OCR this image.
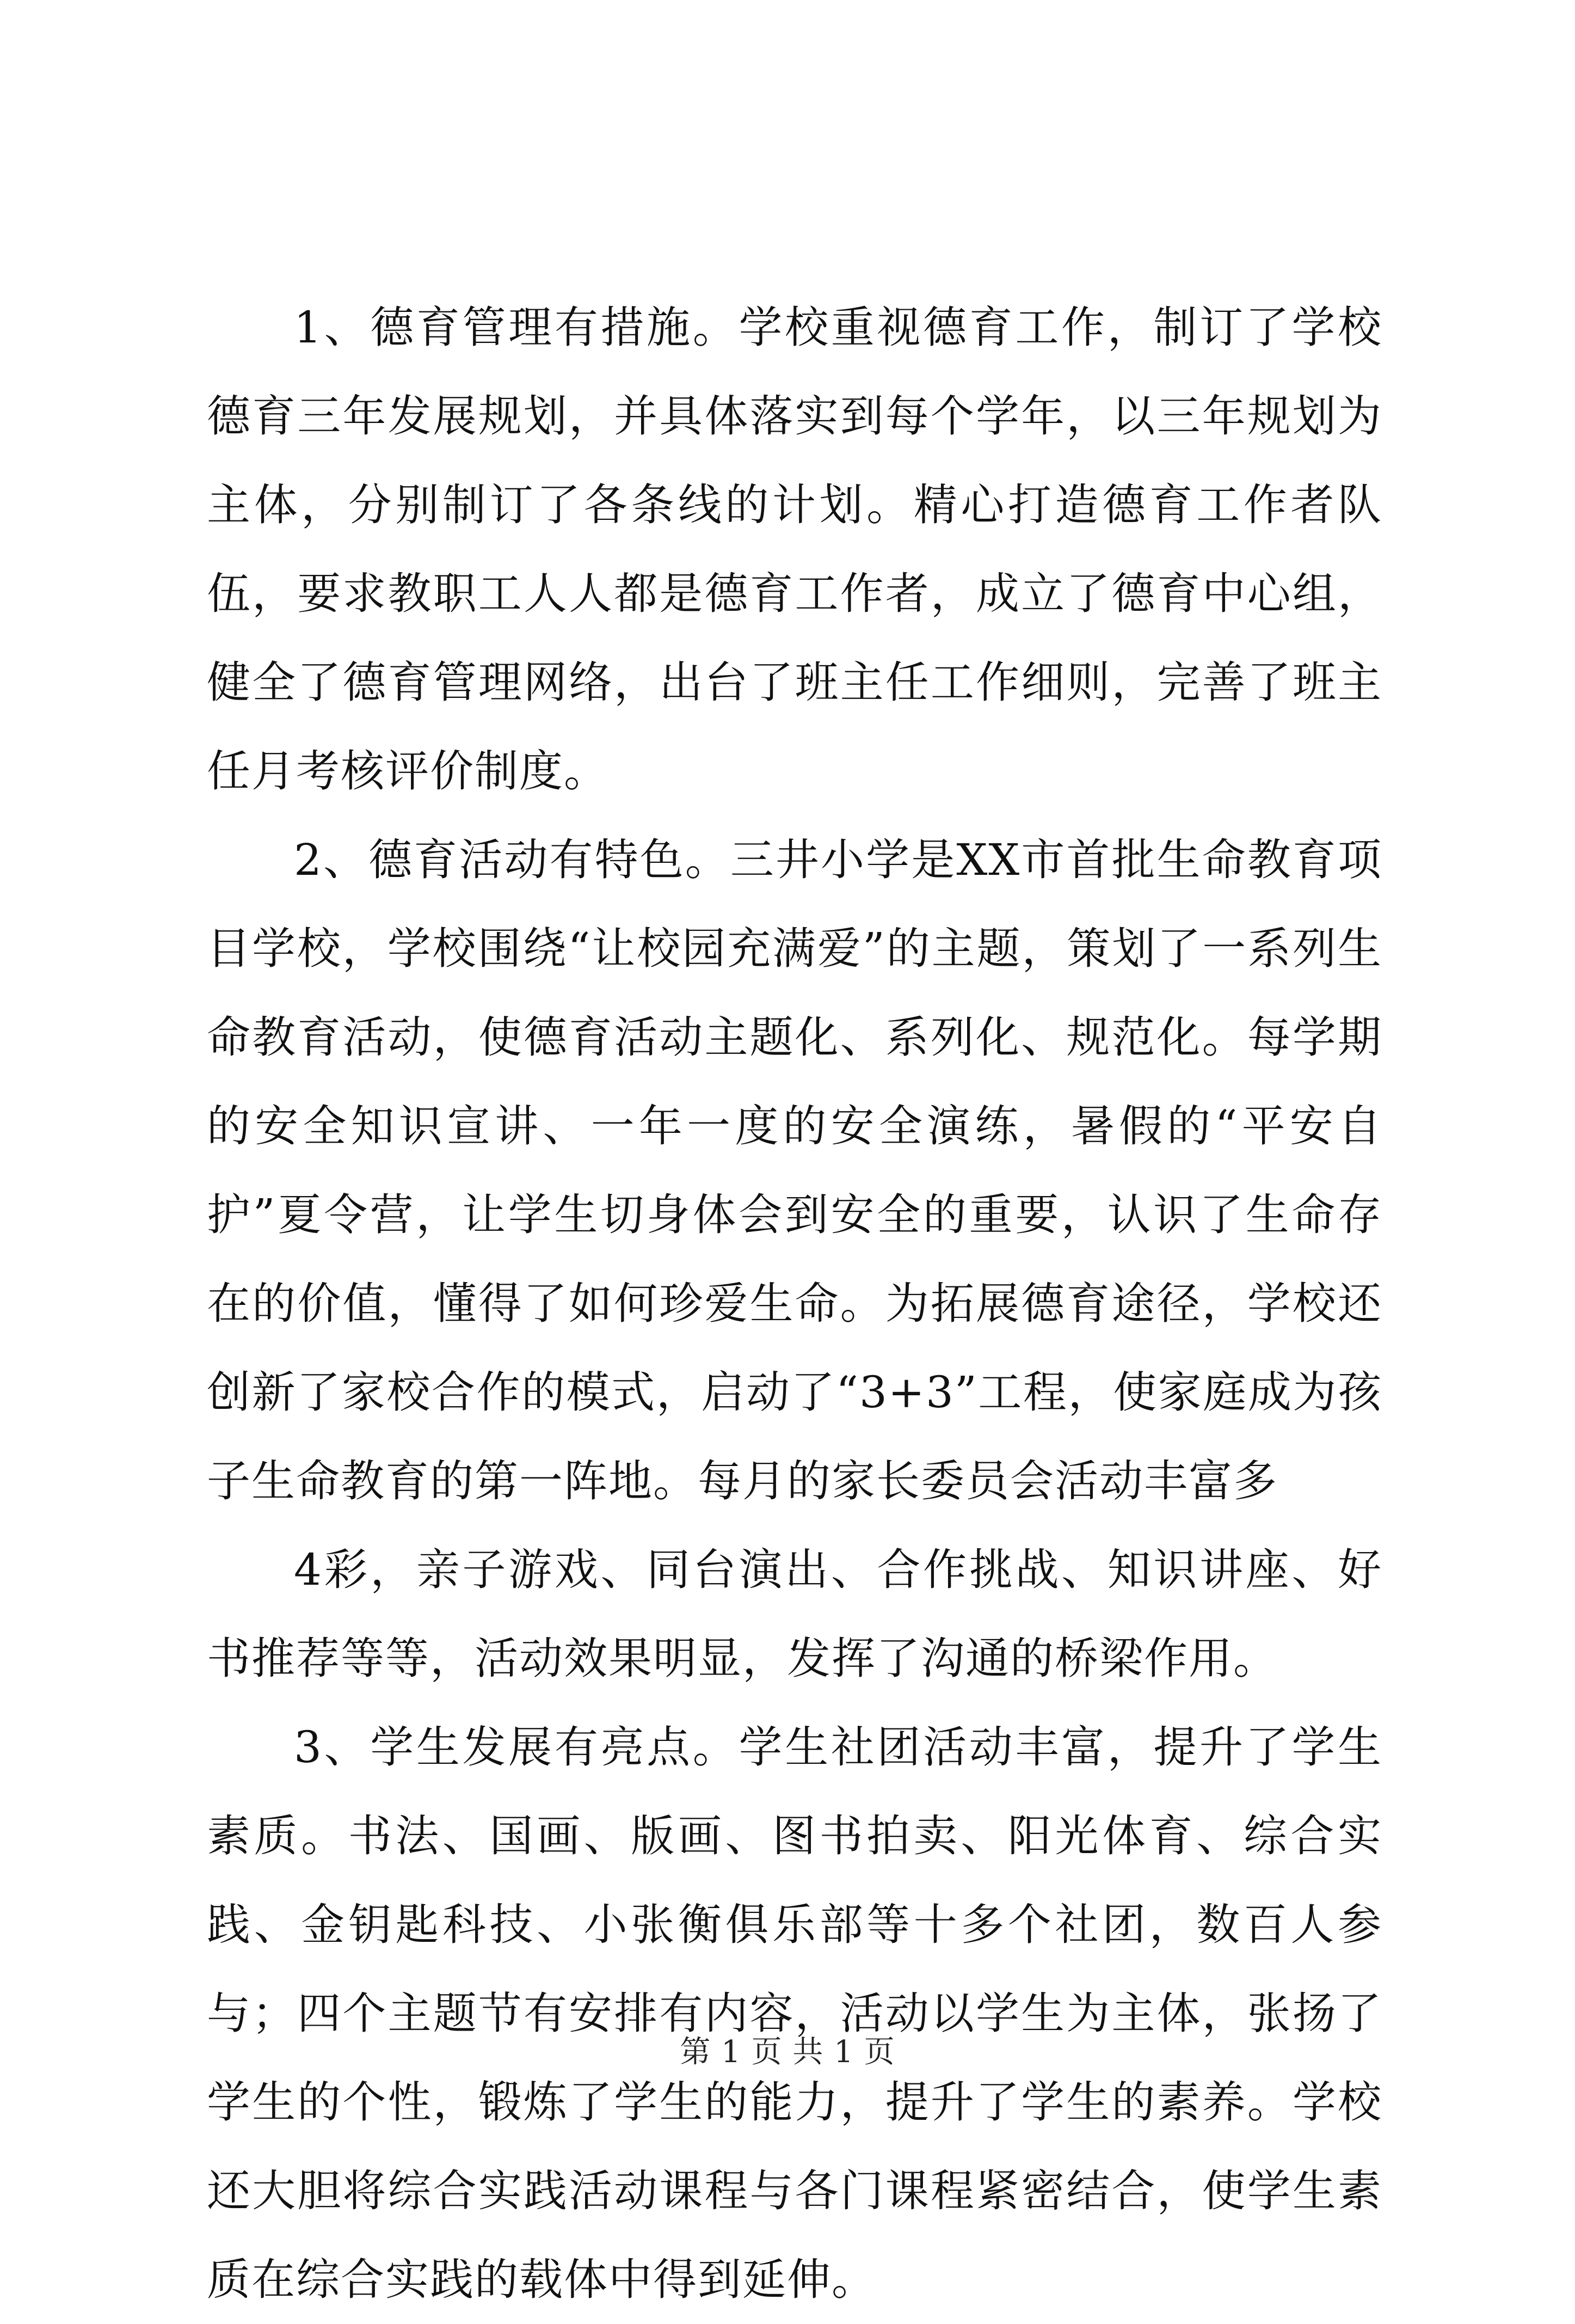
1、德育管理有措施。学校重视德育工作，制订了学校德育三年发展规划，并具体落实到每个学年，以三年规划为主体，分别制订了各条线的计划。精心打造德育工作者队伍，要求教职工人人都是德育工作者，成立了德育中心组，健全了德育管理网络，出台了班主任工作细则，完善了班主任月考核评价制度。

2、德育活动有特色。三井小学是XX市首批生命教育项目学校，学校围绕“让校园充满爱”的主题，策划了一系列生命教育活动，使德育活动主题化、系列化、规范化。每学期的安全知识宣讲、一年一度的安全演练，暑假的“平安自护”夏令营，让学生切身体会到安全的重要，认识了生命存在的价值，懂得了如何珍爱生命。为拓展德育途径，学校还创新了家校合作的模式，启动了“3+3”工程，使家庭成为孩子生命教育的第一阵地。每月的家长委员会活动丰富多

4彩，亲子游戏、同台演出、合作挑战、知识讲座、好书推荐等等，活动效果明显，发挥了沟通的桥梁作用。

3、学生发展有亮点。学生社团活动丰富，提升了学生素质。书法、国画、版画、图书拍卖、阳光体育、综合实践、金钥匙科技、小张衡俱乐部等十多个社团，数百人参与；四个主题节有安排有内容，活动以学生为主体，张扬了学生的个性，锻炼了学生的能力，提升了学生的素养。学校还大胆将综合实践活动课程与各门课程紧密结合，使学生素质在综合实践的载体中得到延伸。

第 1 页 共 1 页
